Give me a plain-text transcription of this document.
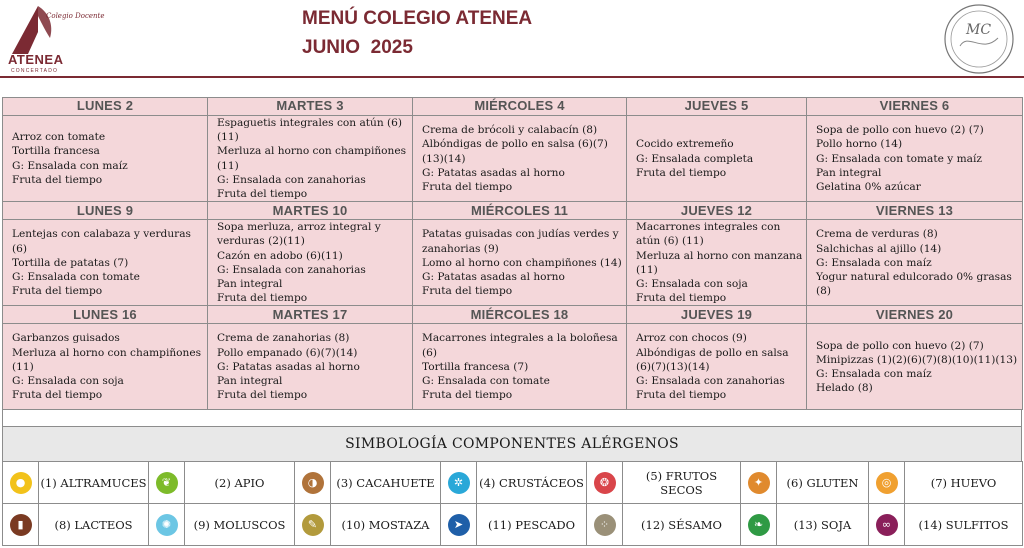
Colegio Docente
ATENEA
CONCERTADO
MENÚ COLEGIO ATENEA
JUNIO  2025
MC
LUNES 2	MARTES 3	MIÉRCOLES 4	JUEVES 5	VIERNES 6

Arroz con tomate
Tortilla francesa
G: Ensalada con maíz
Fruta del tiempo	Espaguetis integrales con atún (6)(11)
Merluza al horno con champiñones (11)
G: Ensalada con zanahorias
Fruta del tiempo	Crema de brócoli y calabacín (8)
Albóndigas de pollo en salsa (6)(7)(13)(14)
G: Patatas asadas al horno
Fruta del tiempo	Cocido extremeño
G: Ensalada completa
Fruta del tiempo	Sopa de pollo con huevo (2) (7)
Pollo horno (14)
G: Ensalada con tomate y maíz
Pan integral
Gelatina 0% azúcar

LUNES 9	MARTES 10	MIÉRCOLES 11	JUEVES 12	VIERNES 13

Lentejas con calabaza y verduras (6)
Tortilla de patatas (7)
G: Ensalada con tomate
Fruta del tiempo	Sopa merluza, arroz integral y verduras (2)(11)
Cazón en adobo (6)(11)
G: Ensalada con zanahorias
Pan integral
Fruta del tiempo	Patatas guisadas con judías verdes y zanahorias (9)
Lomo al horno con champiñones (14)
G: Patatas asadas al horno
Fruta del tiempo	Macarrones integrales con atún (6) (11)
Merluza al horno con manzana (11)
G: Ensalada con soja
Fruta del tiempo	Crema de verduras (8)
Salchichas al ajillo (14)
G: Ensalada con maíz
Yogur natural edulcorado 0% grasas (8)

LUNES 16	MARTES 17	MIÉRCOLES 18	JUEVES 19	VIERNES 20

Garbanzos guisados
Merluza al horno con champiñones (11)
G: Ensalada con soja
Fruta del tiempo	Crema de zanahorias (8)
Pollo empanado (6)(7)(14)
G: Patatas asadas al horno
Pan integral
Fruta del tiempo	Macarrones integrales a la boloñesa (6)
Tortilla francesa (7)
G: Ensalada con tomate
Fruta del tiempo	Arroz con chocos (9)
Albóndigas de pollo en salsa (6)(7)(13)(14)
G: Ensalada con zanahorias
Fruta del tiempo	Sopa de pollo con huevo (2) (7)
Minipizzas (1)(2)(6)(7)(8)(10)(11)(13)
G: Ensalada con maíz
Helado (8)
SIMBOLOGÍA COMPONENTES ALÉRGENOS
●	(1) ALTRAMUCES	❦	(2) APIO	◑	(3) CACAHUETE	✲	(4) CRUSTÁCEOS	❂	(5) FRUTOS SECOS	✦	(6) GLUTEN	◎	(7) HUEVO

▮	(8) LACTEOS	✺	(9) MOLUSCOS	✎	(10) MOSTAZA	➤	(11) PESCADO	⁘	(12) SÉSAMO	❧	(13) SOJA	∞	(14) SULFITOS
